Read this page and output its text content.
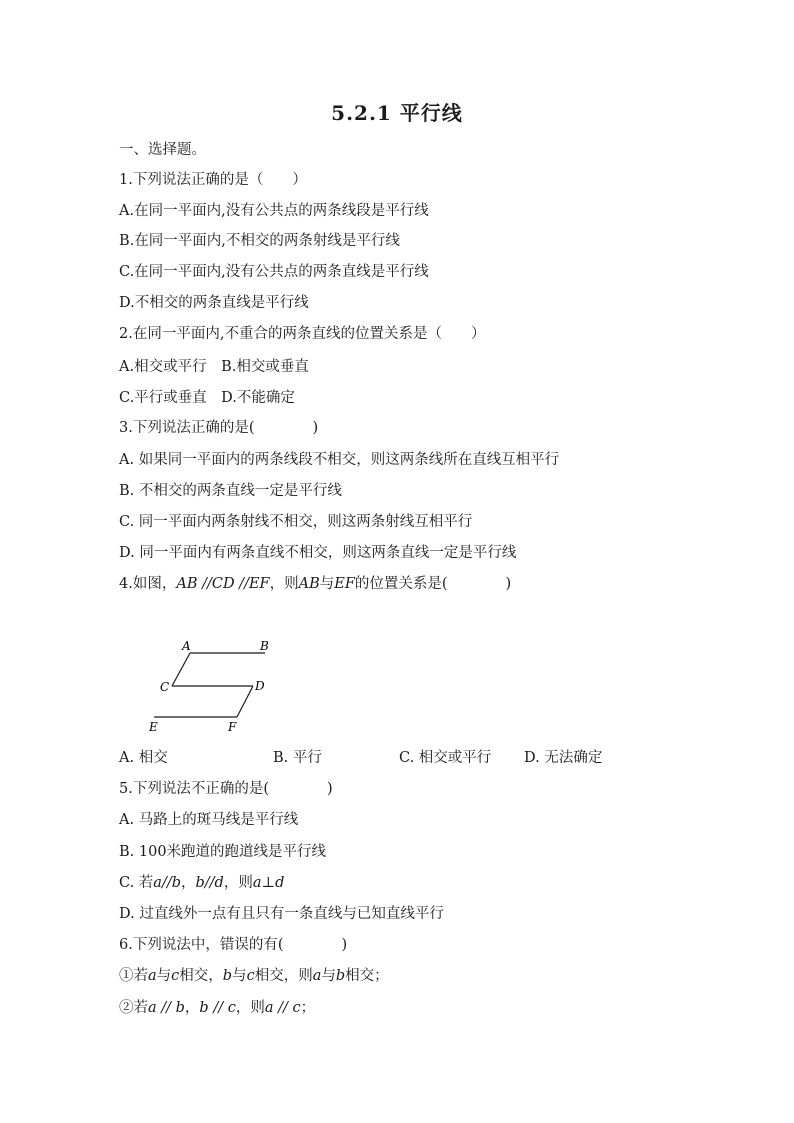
5.2.1 平行线
一、选择题。
1.下列说法正确的是（　　）
A.在同一平面内,没有公共点的两条线段是平行线
B.在同一平面内,不相交的两条射线是平行线
C.在同一平面内,没有公共点的两条直线是平行线
D.不相交的两条直线是平行线
2.在同一平面内,不重合的两条直线的位置关系是（　　）
A.相交或平行　B.相交或垂直
C.平行或垂直　D.不能确定
3.下列说法正确的是(　　　　)
A. 如果同一平面内的两条线段不相交，则这两条线所在直线互相平行
B. 不相交的两条直线一定是平行线
C. 同一平面内两条射线不相交，则这两条射线互相平行
D. 同一平面内有两条直线不相交，则这两条直线一定是平行线
4.如图，AB //CD //EF，则AB与EF的位置关系是(　　　　)
A	B
C	D
E	F
A. 相交	B. 平行	C. 相交或平行 D. 无法确定
5.下列说法不正确的是(　　　　)
A. 马路上的斑马线是平行线
B. 100米跑道的跑道线是平行线
C. 若a//b，b//d，则a⊥d
D. 过直线外一点有且只有一条直线与已知直线平行
6.下列说法中，错误的有(　　　　)
①若a与c相交，b与c相交，则a与b相交；
②若a // b，b // c，则a // c；
